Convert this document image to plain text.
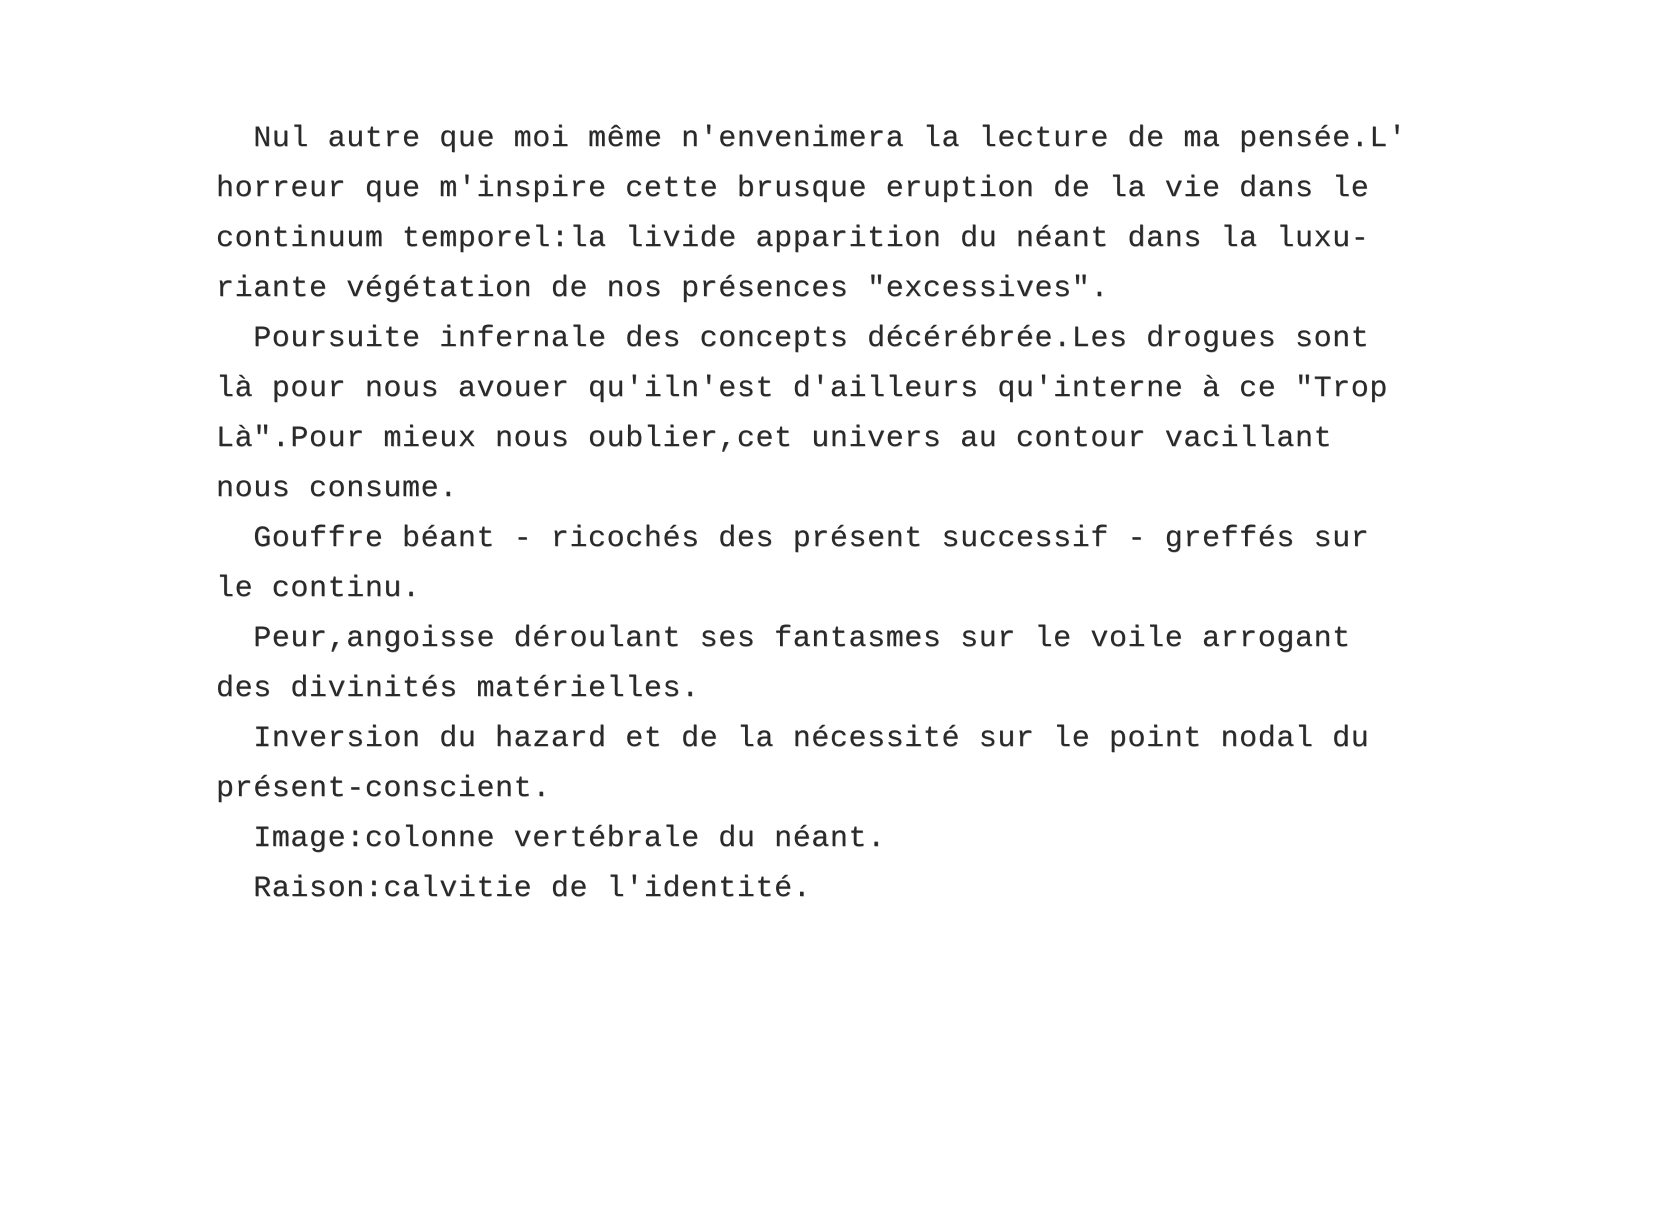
Nul autre que moi même n'envenimera la lecture de ma pensée.L'
horreur que m'inspire cette brusque eruption de la vie dans le
continuum temporel:la livide apparition du néant dans la luxu-
riante végétation de nos présences "excessives".
Poursuite infernale des concepts décérébrée.Les drogues sont
là pour nous avouer qu'iln'est d'ailleurs qu'interne à ce "Trop
Là".Pour mieux nous oublier,cet univers au contour vacillant
nous consume.
Gouffre béant - ricochés des présent successif - greffés sur
le continu.
Peur,angoisse déroulant ses fantasmes sur le voile arrogant
des divinités matérielles.
Inversion du hazard et de la nécessité sur le point nodal du
présent-conscient.
Image:colonne vertébrale du néant.
Raison:calvitie de l'identité.
